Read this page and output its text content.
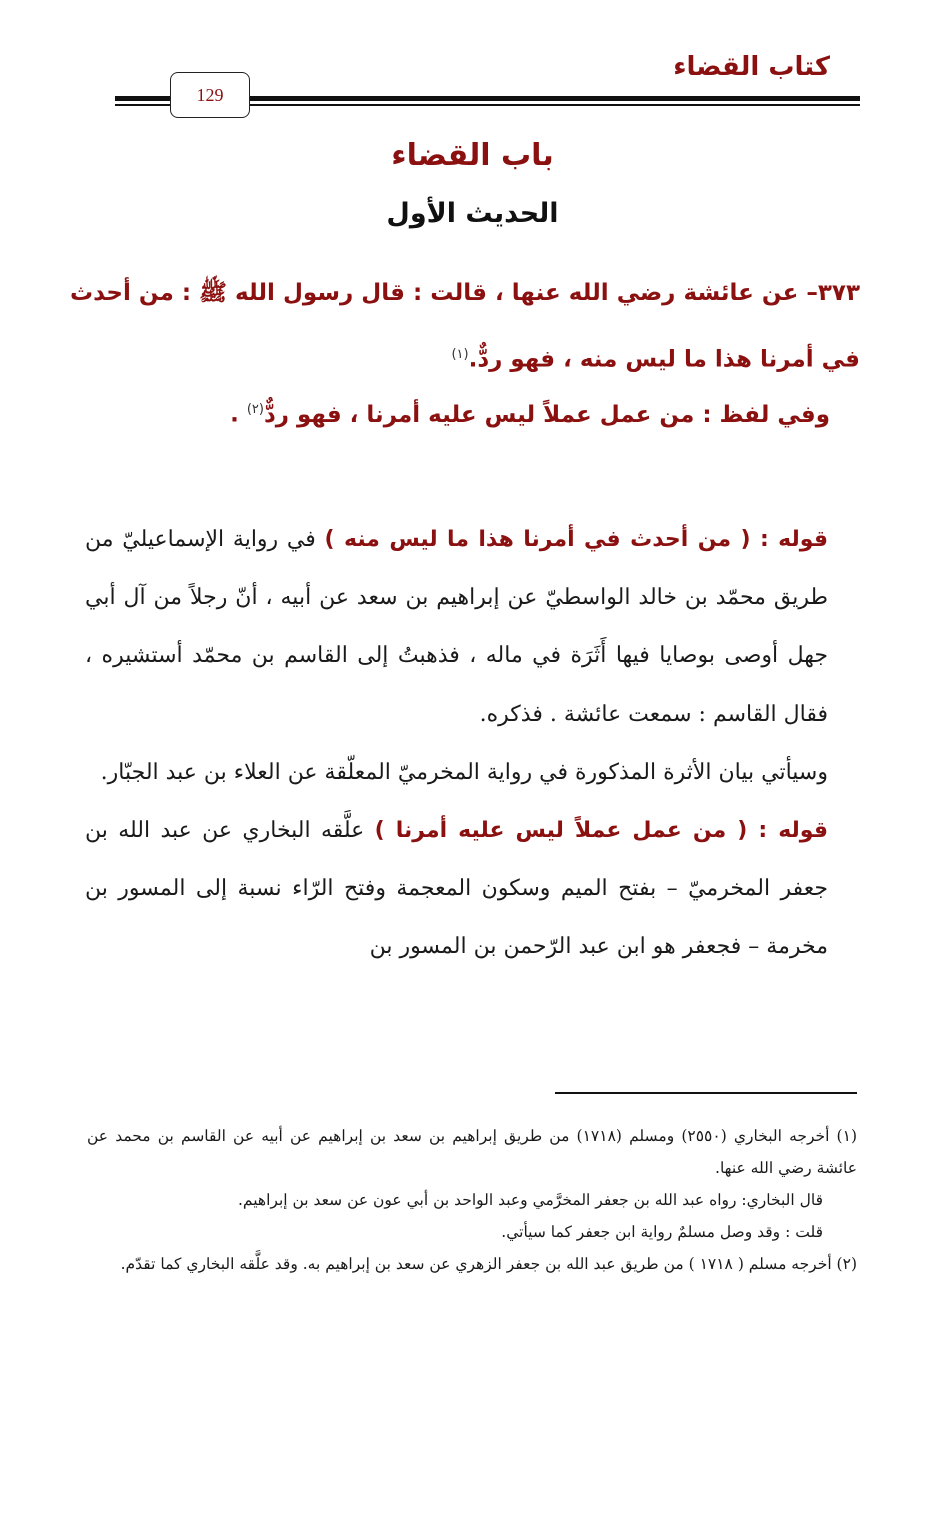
كتاب القضاء
129
باب القضاء
الحديث الأول
٣٧٣– عن عائشة رضي الله عنها ، قالت : قال رسول الله ﷺ : من أحدث في أمرنا هذا ما ليس منه ، فهو ردٌّ.$^{(١)}$
وفي لفظ : من عمل عملاً ليس عليه أمرنا ، فهو ردٌّ$^{(٢)}$ .

قوله : ( من أحدث في أمرنا هذا ما ليس منه ) في رواية الإسماعيليّ من طريق محمّد بن خالد الواسطيّ عن إبراهيم بن سعد عن أبيه ، أنّ رجلاً من آل أبي جهل أوصى بوصايا فيها أَثَرَة في ماله ، فذهبتُ إلى القاسم بن محمّد أستشيره ، فقال القاسم : سمعت عائشة . فذكره.

وسيأتي بيان الأثرة المذكورة في رواية المخرميّ المعلّقة عن العلاء بن عبد الجبّار.

قوله : ( من عمل عملاً ليس عليه أمرنا ) علَّقه البخاري عن عبد الله بن جعفر المخرميّ – بفتح الميم وسكون المعجمة وفتح الرّاء نسبة إلى المسور بن مخرمة – فجعفر هو ابن عبد الرّحمن بن المسور بن

(١) أخرجه البخاري (٢٥٥٠) ومسلم (١٧١٨) من طريق إبراهيم بن سعد بن إبراهيم عن أبيه عن القاسم بن محمد عن عائشة رضي الله عنها.

قال البخاري: رواه عبد الله بن جعفر المخرَّمي وعبد الواحد بن أبي عون عن سعد بن إبراهيم.

قلت : وقد وصل مسلمٌ رواية ابن جعفر كما سيأتي.

(٢) أخرجه مسلم ( ١٧١٨ ) من طريق عبد الله بن جعفر الزهري عن سعد بن إبراهيم به. وقد علَّقه البخاري كما تقدّم.
